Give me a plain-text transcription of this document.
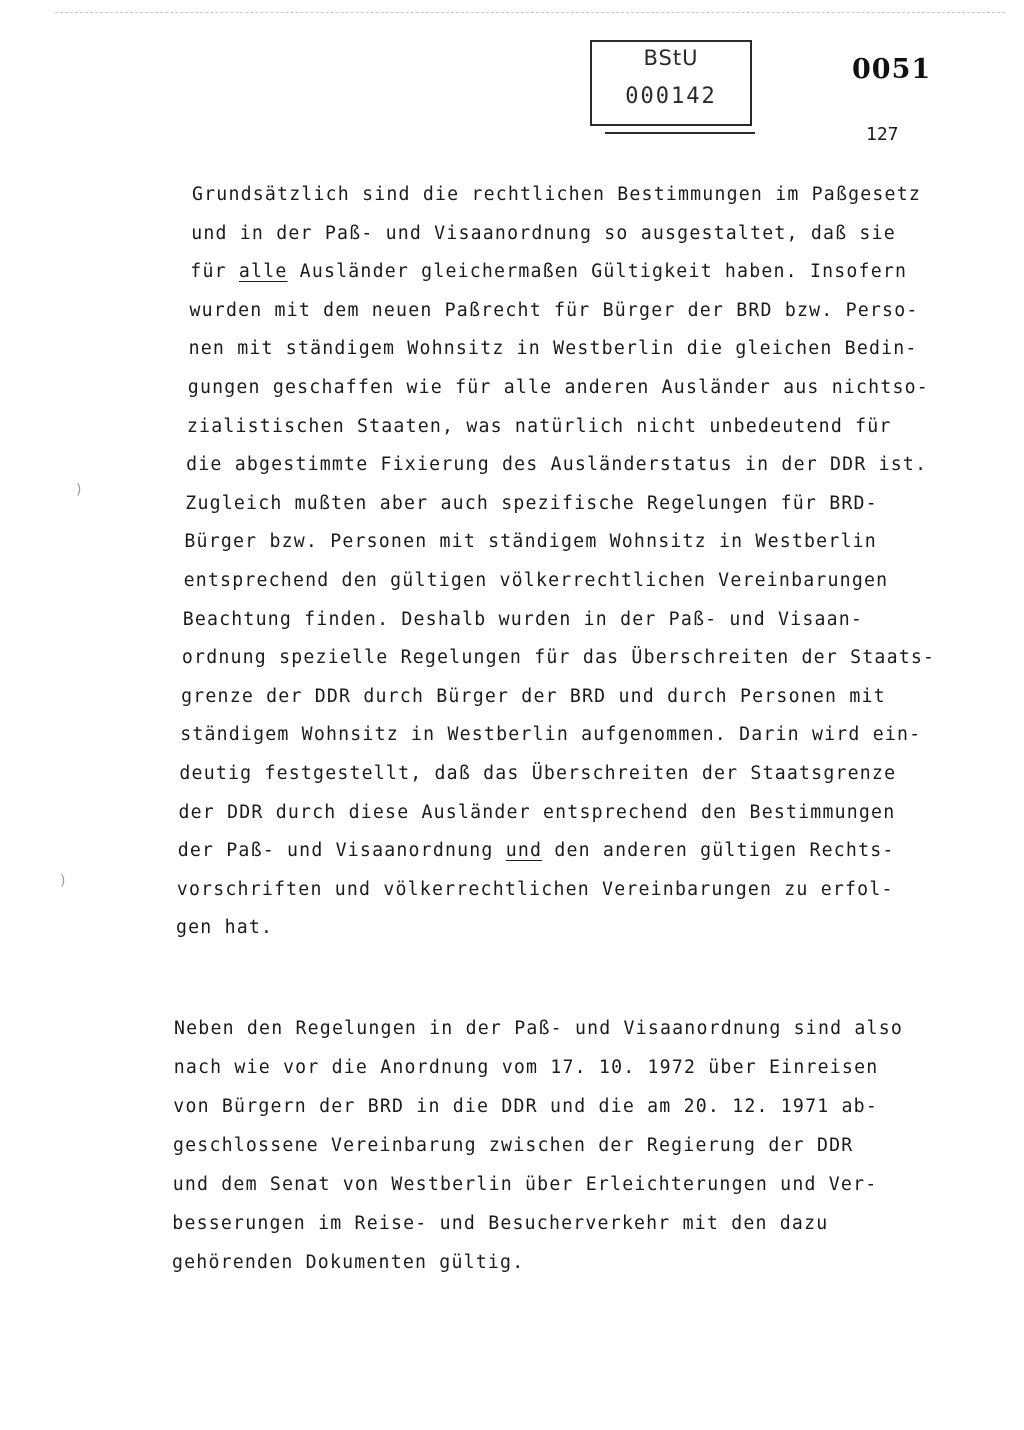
BStU
000142
0051
127
Grundsätzlich sind die rechtlichen Bestimmungen im Paßgesetz
und in der Paß- und Visaanordnung so ausgestaltet, daß sie
für alle Ausländer gleichermaßen Gültigkeit haben. Insofern
wurden mit dem neuen Paßrecht für Bürger der BRD bzw. Perso-
nen mit ständigem Wohnsitz in Westberlin die gleichen Bedin-
gungen geschaffen wie für alle anderen Ausländer aus nichtso-
zialistischen Staaten, was natürlich nicht unbedeutend für
die abgestimmte Fixierung des Ausländerstatus in der DDR ist.
Zugleich mußten aber auch spezifische Regelungen für BRD-
Bürger bzw. Personen mit ständigem Wohnsitz in Westberlin
entsprechend den gültigen völkerrechtlichen Vereinbarungen
Beachtung finden. Deshalb wurden in der Paß- und Visaan-
ordnung spezielle Regelungen für das Überschreiten der Staats-
grenze der DDR durch Bürger der BRD und durch Personen mit
ständigem Wohnsitz in Westberlin aufgenommen. Darin wird ein-
deutig festgestellt, daß das Überschreiten der Staatsgrenze
der DDR durch diese Ausländer entsprechend den Bestimmungen
der Paß- und Visaanordnung und den anderen gültigen Rechts-
vorschriften und völkerrechtlichen Vereinbarungen zu erfol-
gen hat.
Neben den Regelungen in der Paß- und Visaanordnung sind also
nach wie vor die Anordnung vom 17. 10. 1972 über Einreisen
von Bürgern der BRD in die DDR und die am 20. 12. 1971 ab-
geschlossene Vereinbarung zwischen der Regierung der DDR
und dem Senat von Westberlin über Erleichterungen und Ver-
besserungen im Reise- und Besucherverkehr mit den dazu
gehörenden Dokumenten gültig.
)
)
